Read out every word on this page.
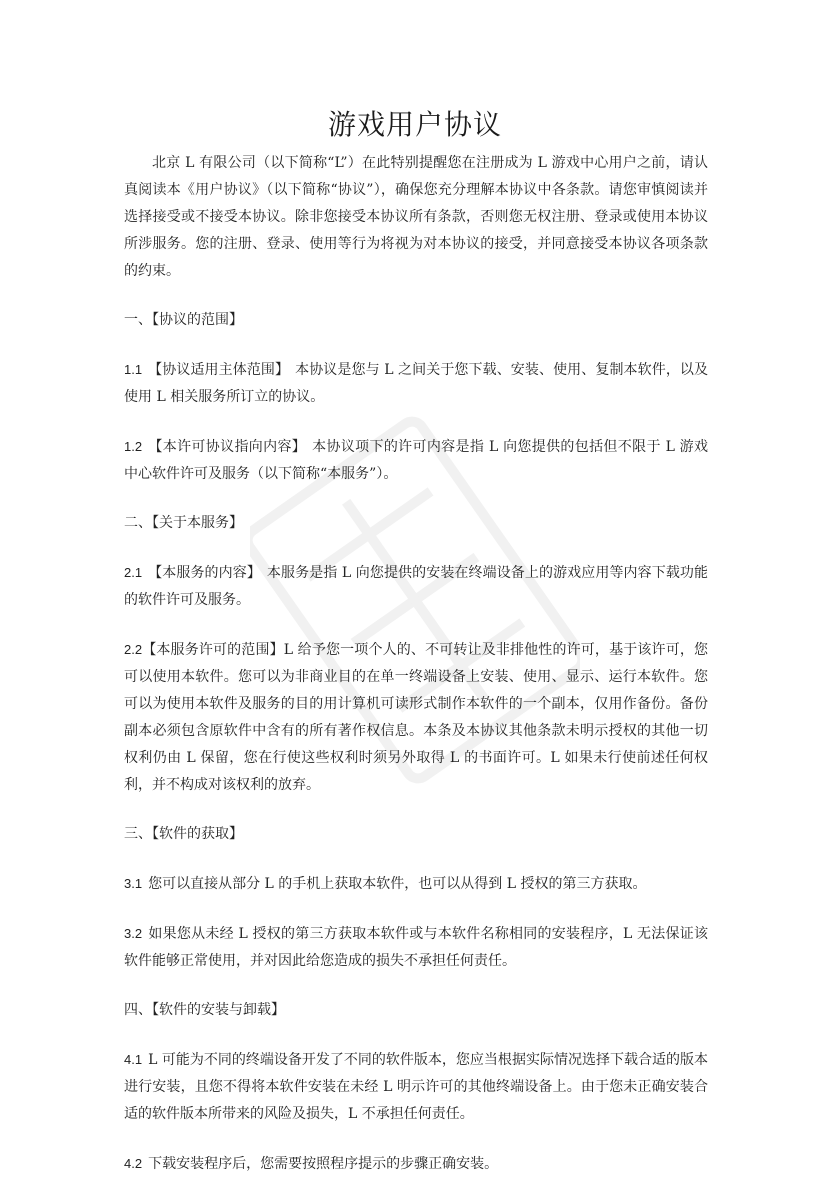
游戏用户协议

北京 L 有限公司（以下简称“L”）在此特别提醒您在注册成为 L 游戏中心用户之前，请认真阅读本《用户协议》（以下简称“协议”），确保您充分理解本协议中各条款。请您审慎阅读并选择接受或不接受本协议。除非您接受本协议所有条款，否则您无权注册、登录或使用本协议所涉服务。您的注册、登录、使用等行为将视为对本协议的接受，并同意接受本协议各项条款的约束。

一、【协议的范围】

1.1 【协议适用主体范围】 本协议是您与 L 之间关于您下载、安装、使用、复制本软件，以及使用 L 相关服务所订立的协议。

1.2 【本许可协议指向内容】 本协议项下的许可内容是指 L 向您提供的包括但不限于 L 游戏中心软件许可及服务（以下简称“本服务”）。

二、【关于本服务】

2.1 【本服务的内容】 本服务是指 L 向您提供的安装在终端设备上的游戏应用等内容下载功能的软件许可及服务。

2.2【本服务许可的范围】L 给予您一项个人的、不可转让及非排他性的许可，基于该许可，您可以使用本软件。您可以为非商业目的在单一终端设备上安装、使用、显示、运行本软件。您可以为使用本软件及服务的目的用计算机可读形式制作本软件的一个副本，仅用作备份。备份副本必须包含原软件中含有的所有著作权信息。本条及本协议其他条款未明示授权的其他一切权利仍由 L 保留，您在行使这些权利时须另外取得 L 的书面许可。L 如果未行使前述任何权利，并不构成对该权利的放弃。

三、【软件的获取】

3.1 您可以直接从部分 L 的手机上获取本软件，也可以从得到 L 授权的第三方获取。

3.2 如果您从未经 L 授权的第三方获取本软件或与本软件名称相同的安装程序，L 无法保证该软件能够正常使用，并对因此给您造成的损失不承担任何责任。

四、【软件的安装与卸载】

4.1 L 可能为不同的终端设备开发了不同的软件版本，您应当根据实际情况选择下载合适的版本进行安装，且您不得将本软件安装在未经 L 明示许可的其他终端设备上。由于您未正确安装合适的软件版本所带来的风险及损失，L 不承担任何责任。

4.2 下载安装程序后，您需要按照程序提示的步骤正确安装。
